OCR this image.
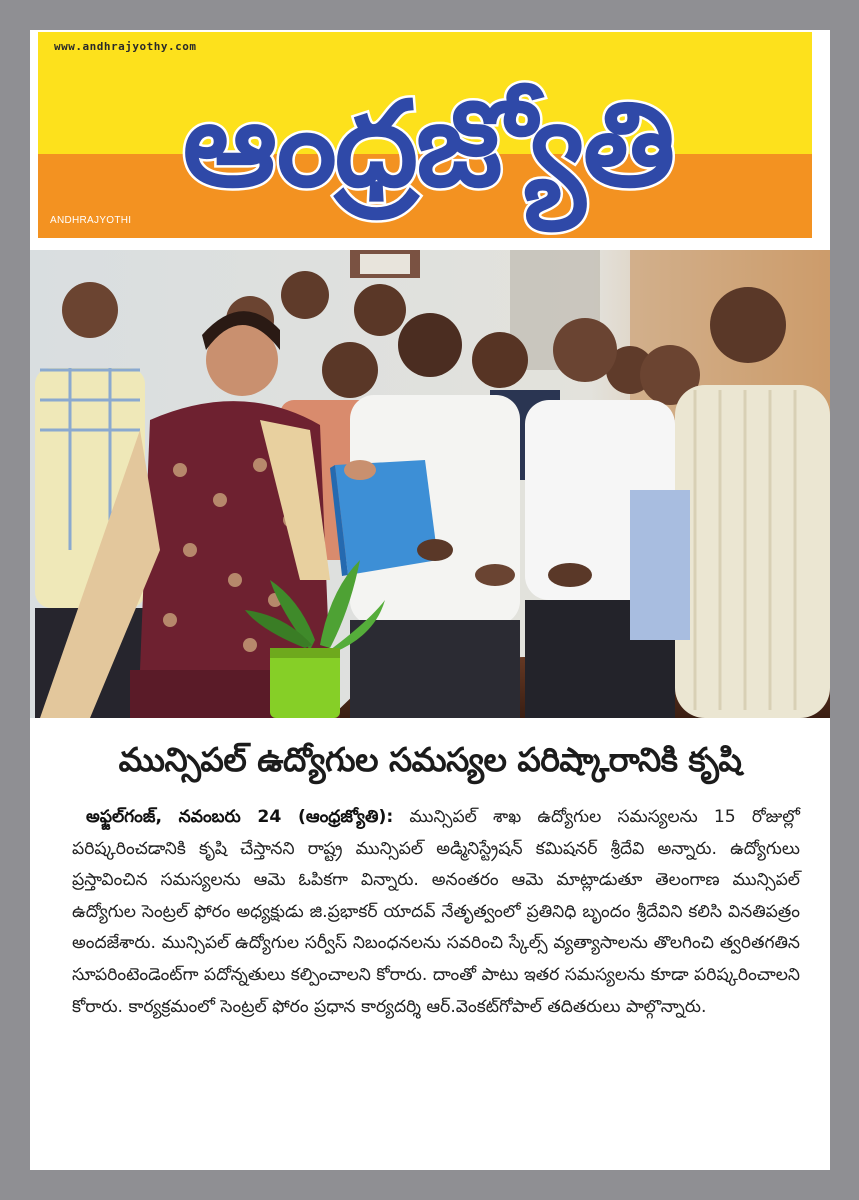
www.andhrajyothy.com
ఆంధ్రజ్యోతి
ANDHRAJYOTHI
మున్సిపల్ ఉద్యోగుల సమస్యల పరిష్కారానికి కృషి
అఫ్జల్‌గంజ్, నవంబరు 24 (ఆంధ్రజ్యోతి): మున్సిపల్ శాఖ ఉద్యోగుల సమస్యలను 15 రోజుల్లో పరిష్కరించడానికి కృషి చేస్తానని రాష్ట్ర మున్సిపల్ అడ్మినిస్ట్రేషన్ కమిషనర్ శ్రీదేవి అన్నారు. ఉద్యోగులు ప్రస్తావించిన సమస్యలను ఆమె ఓపికగా విన్నారు. అనంతరం ఆమె మాట్లాడుతూ తెలంగాణ మున్సిపల్ ఉద్యోగుల సెంట్రల్ ఫోరం అధ్యక్షుడు జి.ప్రభాకర్ యాదవ్ నేతృత్వంలో ప్రతినిధి బృందం శ్రీదేవిని కలిసి వినతిపత్రం అందజేశారు. మున్సిపల్ ఉద్యోగుల సర్వీస్ నిబంధనలను సవరించి స్కేల్స్ వ్యత్యాసాలను తొలగించి త్వరితగతిన సూపరింటెండెంట్‌గా పదోన్నతులు కల్పించాలని కోరారు. దాంతో పాటు ఇతర సమస్యలను కూడా పరిష్కరించాలని కోరారు. కార్యక్రమంలో సెంట్రల్ ఫోరం ప్రధాన కార్యదర్శి ఆర్.వెంకట్‌గోపాల్ తదితరులు పాల్గొన్నారు.
